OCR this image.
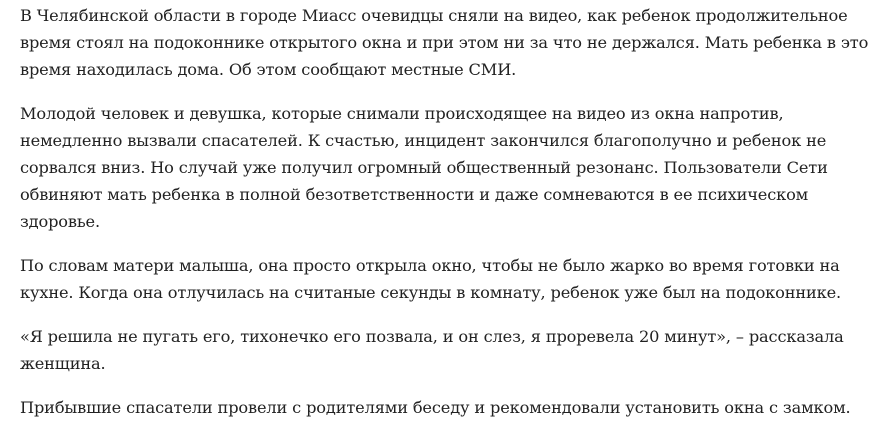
В Челябинской области в городе Миасс очевидцы сняли на видео, как ребенок продолжительное время стоял на подоконнике открытого окна и при этом ни за что не держался. Мать ребенка в это время находилась дома. Об этом сообщают местные СМИ.

Молодой человек и девушка, которые снимали происходящее на видео из окна напротив, немедленно вызвали спасателей. К счастью, инцидент закончился благополучно и ребенок не сорвался вниз. Но случай уже получил огромный общественный резонанс. Пользователи Сети обвиняют мать ребенка в полной безответственности и даже сомневаются в ее психическом здоровье.

По словам матери малыша, она просто открыла окно, чтобы не было жарко во время готовки на кухне. Когда она отлучилась на считаные секунды в комнату, ребенок уже был на подоконнике.

«Я решила не пугать его, тихонечко его позвала, и он слез, я проревела 20 минут», – рассказала женщина.

Прибывшие спасатели провели с родителями беседу и рекомендовали установить окна с замком.
